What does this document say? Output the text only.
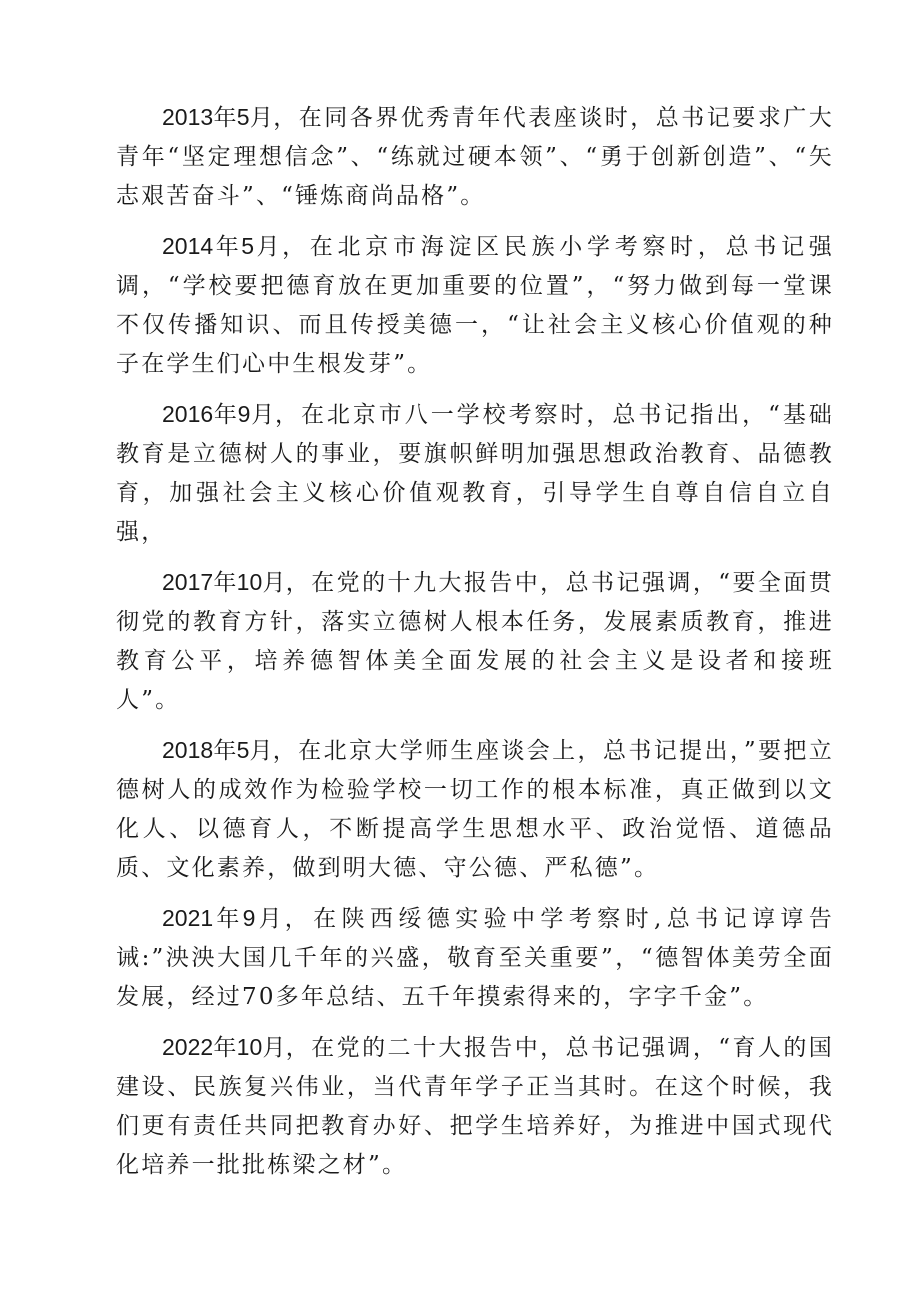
2013年5月，在同各界优秀青年代表座谈时，总书记要求广大青年“坚定理想信念”、“练就过硬本领”、“勇于创新创造”、“矢志艰苦奋斗”、“锤炼商尚品格”。

2014年5月，在北京市海淀区民族小学考察时，总书记强调，“学校要把德育放在更加重要的位置”，“努力做到每一堂课不仅传播知识、而且传授美德一，“让社会主义核心价值观的种子在学生们心中生根发芽”。

2016年9月，在北京市八一学校考察时，总书记指出，“基础教育是立德树人的事业，要旗帜鲜明加强思想政治教育、品德教育，加强社会主义核心价值观教育，引导学生自尊自信自立自强，

2017年10月，在党的十九大报告中，总书记强调，“要全面贯彻党的教育方针，落实立德树人根本任务，发展素质教育，推进教育公平，培养德智体美全面发展的社会主义是设者和接班人”。

2018年5月，在北京大学师生座谈会上，总书记提出，”要把立德树人的成效作为检验学校一切工作的根本标准，真正做到以文化人、以德育人，不断提高学生思想水平、政治觉悟、道德品质、文化素养，做到明大德、守公德、严私德”。

2021年9月，在陕西绥德实验中学考察时,总书记谆谆告诫:”泱泱大国几千年的兴盛，敬育至关重要”，“德智体美劳全面发展，经过70多年总结、五千年摸索得来的，字字千金”。

2022年10月，在党的二十大报告中，总书记强调，“育人的国建设、民族复兴伟业，当代青年学子正当其时。在这个时候，我们更有责任共同把教育办好、把学生培养好，为推进中国式现代化培养一批批栋梁之材”。
